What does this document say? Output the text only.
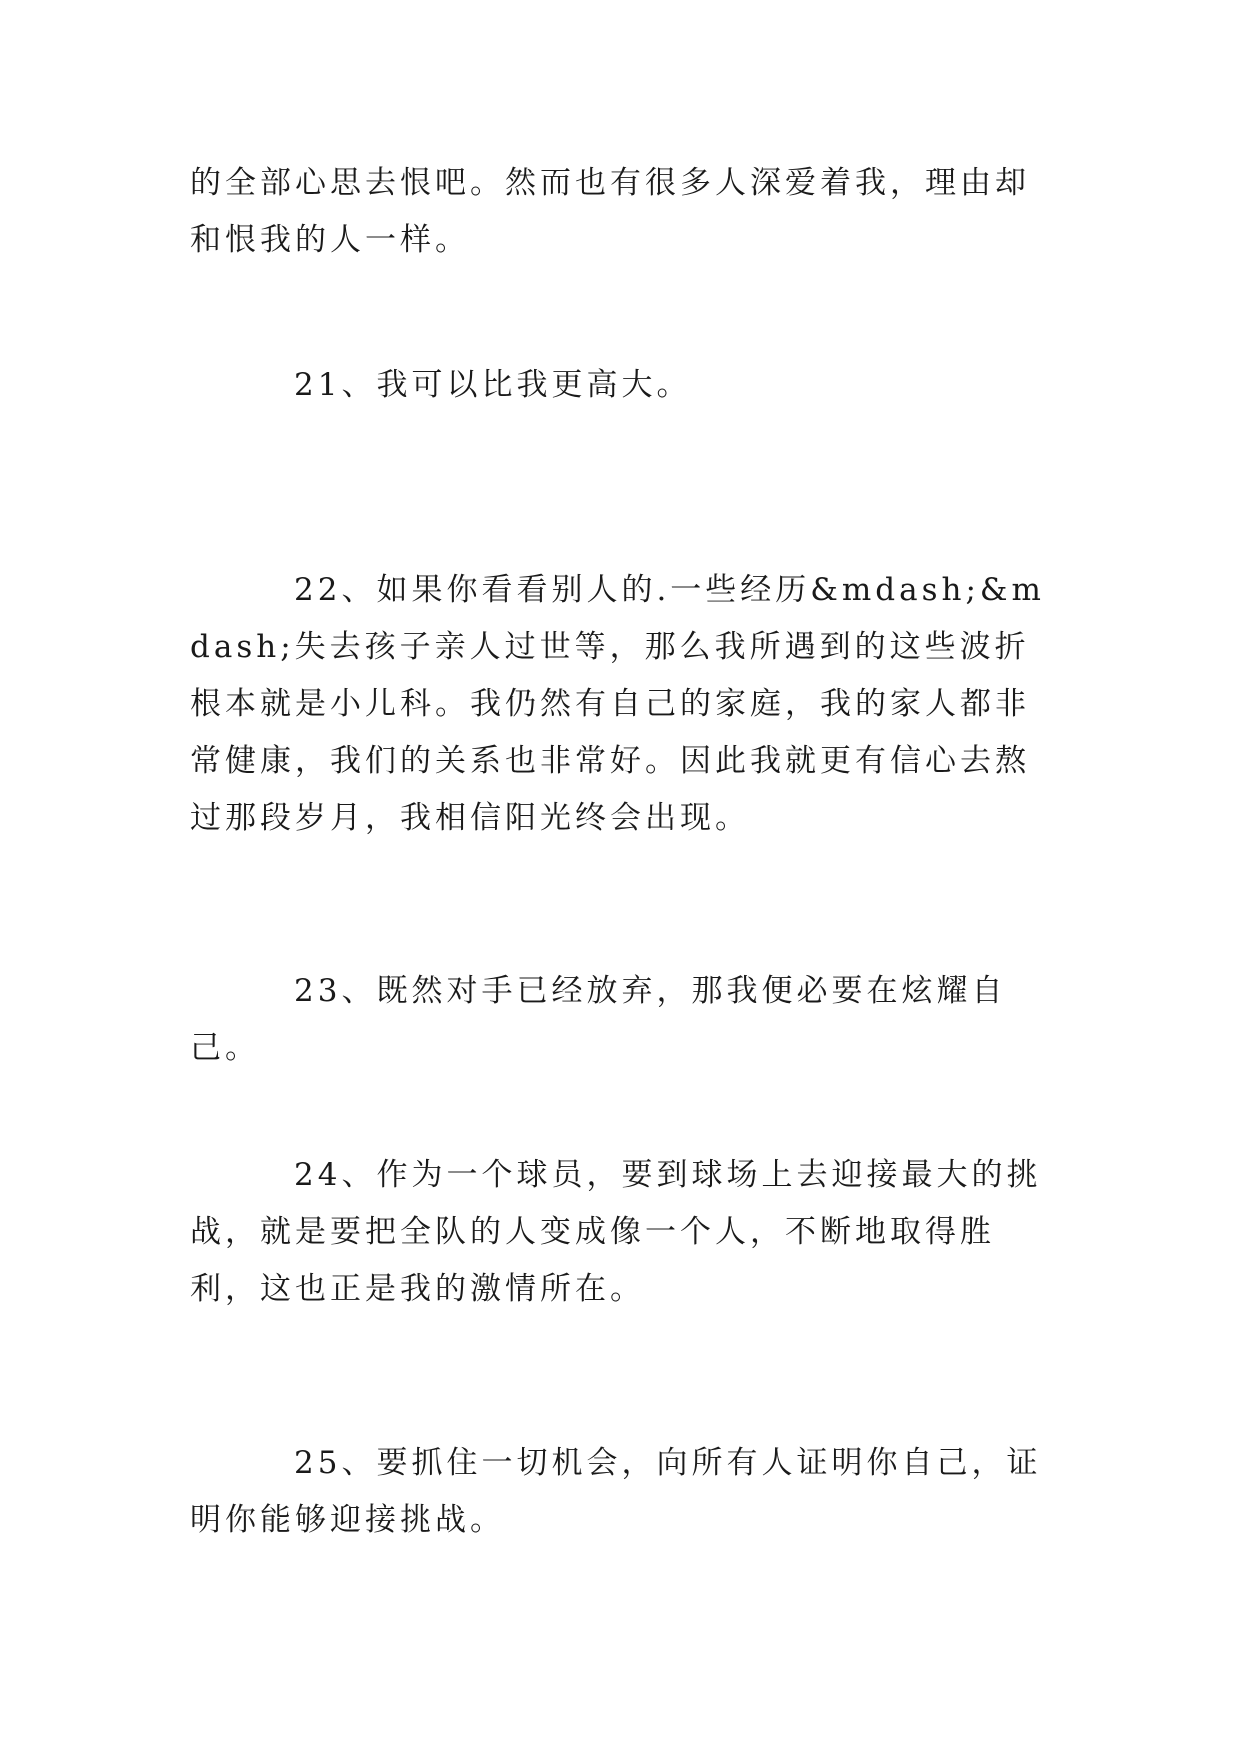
的全部心思去恨吧。然而也有很多人深爱着我，理由却和恨我的人一样。

21、我可以比我更高大。

22、如果你看看别人的.一些经历&mdash;&mdash;失去孩子亲人过世等，那么我所遇到的这些波折根本就是小儿科。我仍然有自己的家庭，我的家人都非常健康，我们的关系也非常好。因此我就更有信心去熬过那段岁月，我相信阳光终会出现。

23、既然对手已经放弃，那我便必要在炫耀自己。

24、作为一个球员，要到球场上去迎接最大的挑战，就是要把全队的人变成像一个人，不断地取得胜利，这也正是我的激情所在。

25、要抓住一切机会，向所有人证明你自己，证明你能够迎接挑战。
